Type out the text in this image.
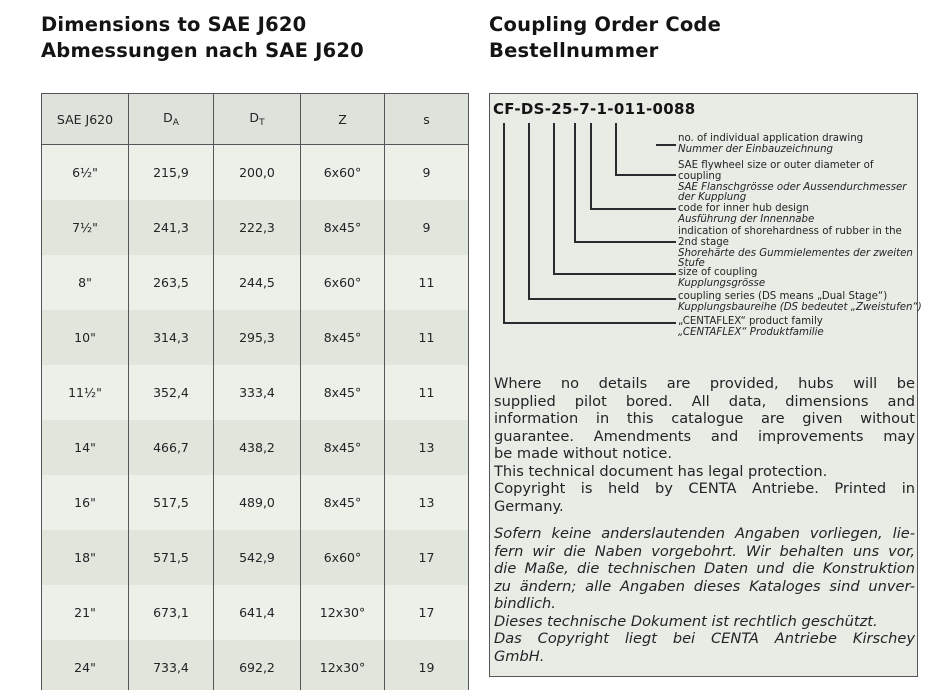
Dimensions to SAE J620
Abmessungen nach SAE J620
Coupling Order Code
Bestellnummer
SAE J620	$D_A$	$D_T$	Z	s
6½"	215,9	200,0	6x60°	9
7½"	241,3	222,3	8x45°	9
8"	263,5	244,5	6x60°	11
10"	314,3	295,3	8x45°	11
11½"	352,4	333,4	8x45°	11
14"	466,7	438,2	8x45°	13
16"	517,5	489,0	8x45°	13
18"	571,5	542,9	6x60°	17
21"	673,1	641,4	12x30°	17
24"	733,4	692,2	12x30°	19
CF-DS-25-7-1-011-0088
no. of individual application drawing
Nummer der Einbauzeichnung
SAE flywheel size or outer diameter of
coupling
SAE Flanschgrösse oder Aussendurchmesser
der Kupplung
code for inner hub design
Ausführung der Innennabe
indication of shorehardness of rubber in the
2nd stage
Shorehärte des Gummielementes der zweiten
Stufe
size of coupling
Kupplungsgrösse
coupling series (DS means „Dual Stage“)
Kupplungsbaureihe (DS bedeutet „Zweistufen“)
„CENTAFLEX“ product family
„CENTAFLEX“ Produktfamilie
Where no details are provided, hubs will be
supplied pilot bored. All data, dimensions and
information in this catalogue are given without
guarantee. Amendments and improvements may
be made without notice.
This technical document has legal protection.
Copyright is held by CENTA Antriebe. Printed in
Germany.
Sofern keine anderslautenden Angaben vorliegen, lie-
fern wir die Naben vorgebohrt. Wir behalten uns vor,
die Maße, die technischen Daten und die Konstruktion
zu ändern; alle Angaben dieses Kataloges sind unver-
bindlich.
Dieses technische Dokument ist rechtlich geschützt.
Das Copyright liegt bei CENTA Antriebe Kirschey
GmbH.
